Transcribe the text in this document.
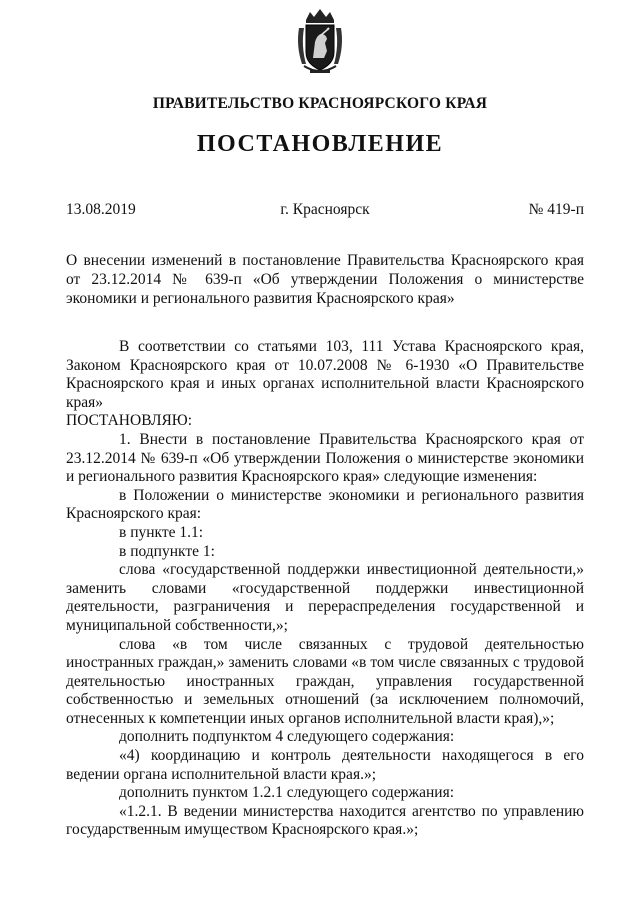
ПРАВИТЕЛЬСТВО КРАСНОЯРСКОГО КРАЯ
ПОСТАНОВЛЕНИЕ
г. Красноярск
13.08.2019	№ 419-п
О внесении изменений в постановление Правительства Красноярского края от 23.12.2014 № 639-п «Об утверждении Положения о министерстве экономики и регионального развития Красноярского края»

В соответствии со статьями 103, 111 Устава Красноярского края, Законом Красноярского края от 10.07.2008 № 6-1930 «О Правительстве Красноярского края и иных органах исполнительной власти Красноярского края»

ПОСТАНОВЛЯЮ:

1. Внести в постановление Правительства Красноярского края от 23.12.2014 № 639-п «Об утверждении Положения о министерстве экономики и регионального развития Красноярского края» следующие изменения:

в Положении о министерстве экономики и регионального развития Красноярского края:

в пункте 1.1:

в подпункте 1:

слова «государственной поддержки инвестиционной деятельности,» заменить словами «государственной поддержки инвестиционной деятельности, разграничения и перераспределения государственной и муниципальной собственности,»;

слова «в том числе связанных с трудовой деятельностью иностранных граждан,» заменить словами «в том числе связанных с трудовой деятельностью иностранных граждан, управления государственной собственностью и земельных отношений (за исключением полномочий, отнесенных к компетенции иных органов исполнительной власти края),»;

дополнить подпунктом 4 следующего содержания:

«4) координацию и контроль деятельности находящегося в его ведении органа исполнительной власти края.»;

дополнить пунктом 1.2.1 следующего содержания:

«1.2.1. В ведении министерства находится агентство по управлению государственным имуществом Красноярского края.»;
